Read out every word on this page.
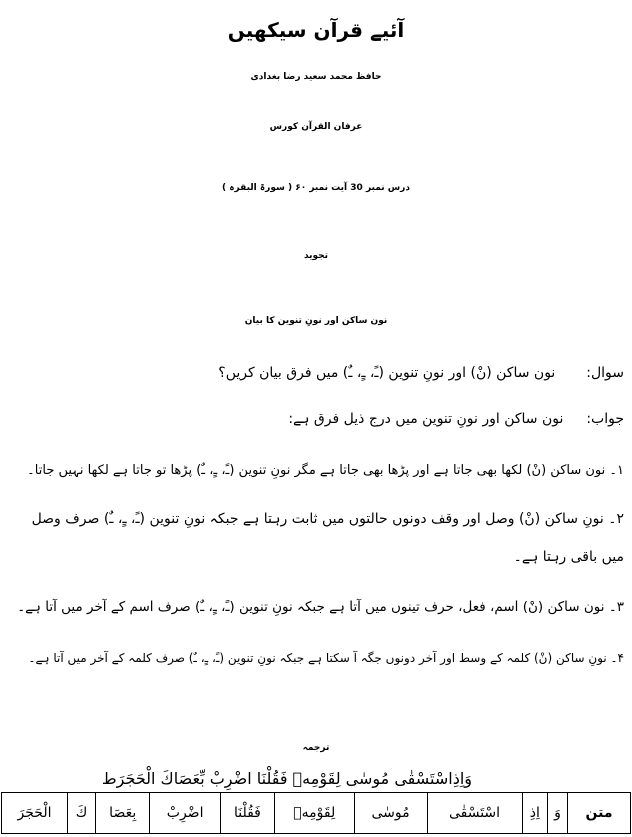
آئیے قرآن سیکھیں
حافظ محمد سعید رضا بغدادی
عرفان القرآن کورس
درس نمبر 30 آیت نمبر ۶۰ ( سورۃ البقرہ )
تجوید
نون ساکن اور نونِ تنوین کا بیان
سوال:  نون ساکن (نْ) اور نونِ تنوین (ـً، ـٍ، ـٌ) میں فرق بیان کریں؟
جواب:  نون ساکن اور نونِ تنوین میں درج ذیل فرق ہے:
۱۔ نون ساکن (نْ) لکھا بھی جاتا ہے اور پڑھا بھی جاتا ہے مگر نونِ تنوین (ـً، ـٍ، ـٌ) پڑھا تو جاتا ہے لکھا نہیں جاتا۔
۲۔ نونِ ساکن (نْ) وصل اور وقف دونوں حالتوں میں ثابت رہتا ہے جبکہ نونِ تنوین (ـً، ـٍ، ـٌ) صرف وصل
میں باقی رہتا ہے۔
۳۔ نون ساکن (نْ) اسم، فعل، حرف تینوں میں آتا ہے جبکہ نونِ تنوین (ـً، ـٍ، ـٌ) صرف اسم کے آخر میں آتا ہے۔
۴۔ نونِ ساکن (نْ) کلمہ کے وسط اور آخر دونوں جگہ آ سکتا ہے جبکہ نونِ تنوین (ـً، ـٍ، ـٌ) صرف کلمہ کے آخر میں آتا ہے۔
ترجمہ
وَاِذِاسْتَسْقٰی مُوسٰی لِقَوْمِهٖ فَقُلْنَا اضْرِبْ بِّعَصَاكَ الْحَجَرَط
متن	وَ	اِذِ	اسْتَسْقٰی	مُوسٰی	لِقَوْمِهٖ	فَقُلْنَا	اضْرِبْ	بِعَصَا	كَ	الْحَجَرَ
